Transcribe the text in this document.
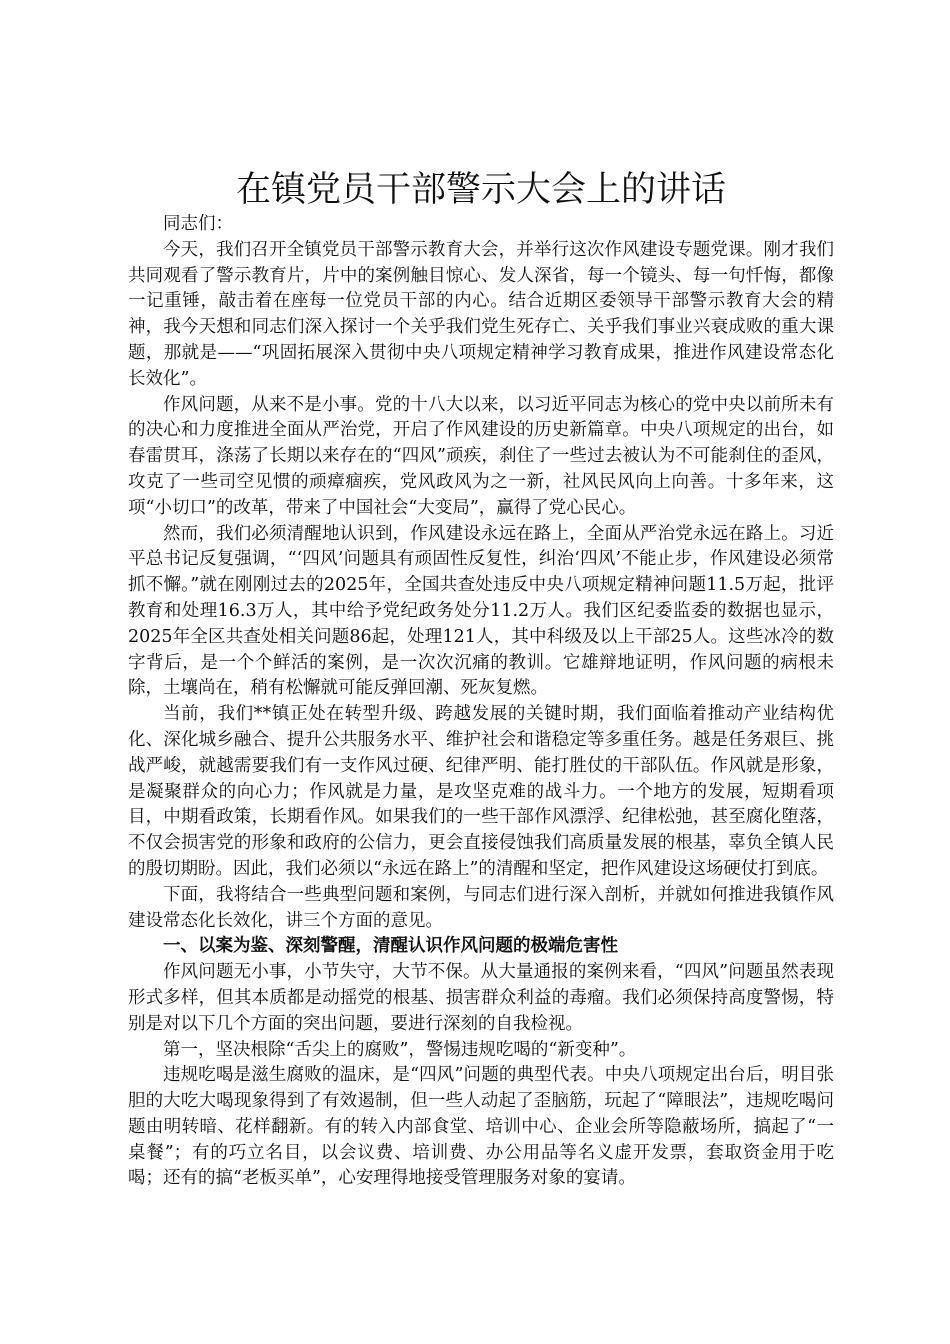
在镇党员干部警示大会上的讲话

同志们：

今天，我们召开全镇党员干部警示教育大会，并举行这次作风建设专题党课。刚才我们共同观看了警示教育片，片中的案例触目惊心、发人深省，每一个镜头、每一句忏悔，都像一记重锤，敲击着在座每一位党员干部的内心。结合近期区委领导干部警示教育大会的精神，我今天想和同志们深入探讨一个关乎我们党生死存亡、关乎我们事业兴衰成败的重大课题，那就是——“巩固拓展深入贯彻中央八项规定精神学习教育成果，推进作风建设常态化长效化”。

作风问题，从来不是小事。党的十八大以来，以习近平同志为核心的党中央以前所未有的决心和力度推进全面从严治党，开启了作风建设的历史新篇章。中央八项规定的出台，如春雷贯耳，涤荡了长期以来存在的“四风”顽疾，刹住了一些过去被认为不可能刹住的歪风，攻克了一些司空见惯的顽瘴痼疾，党风政风为之一新，社风民风向上向善。十多年来，这项“小切口”的改革，带来了中国社会“大变局”，赢得了党心民心。

然而，我们必须清醒地认识到，作风建设永远在路上，全面从严治党永远在路上。习近平总书记反复强调，“‘四风’问题具有顽固性反复性，纠治‘四风’不能止步，作风建设必须常抓不懈。”就在刚刚过去的2025年，全国共查处违反中央八项规定精神问题11.5万起，批评教育和处理16.3万人，其中给予党纪政务处分11.2万人。我们区纪委监委的数据也显示，2025年全区共查处相关问题86起，处理121人，其中科级及以上干部25人。这些冰冷的数字背后，是一个个鲜活的案例，是一次次沉痛的教训。它雄辩地证明，作风问题的病根未除，土壤尚在，稍有松懈就可能反弹回潮、死灰复燃。

当前，我们**镇正处在转型升级、跨越发展的关键时期，我们面临着推动产业结构优化、深化城乡融合、提升公共服务水平、维护社会和谐稳定等多重任务。越是任务艰巨、挑战严峻，就越需要我们有一支作风过硬、纪律严明、能打胜仗的干部队伍。作风就是形象，是凝聚群众的向心力；作风就是力量，是攻坚克难的战斗力。一个地方的发展，短期看项目，中期看政策，长期看作风。如果我们的一些干部作风漂浮、纪律松弛，甚至腐化堕落，不仅会损害党的形象和政府的公信力，更会直接侵蚀我们高质量发展的根基，辜负全镇人民的殷切期盼。因此，我们必须以“永远在路上”的清醒和坚定，把作风建设这场硬仗打到底。

下面，我将结合一些典型问题和案例，与同志们进行深入剖析，并就如何推进我镇作风建设常态化长效化，讲三个方面的意见。

一、以案为鉴、深刻警醒，清醒认识作风问题的极端危害性

作风问题无小事，小节失守，大节不保。从大量通报的案例来看，“四风”问题虽然表现形式多样，但其本质都是动摇党的根基、损害群众利益的毒瘤。我们必须保持高度警惕，特别是对以下几个方面的突出问题，要进行深刻的自我检视。

第一，坚决根除“舌尖上的腐败”，警惕违规吃喝的“新变种”。

违规吃喝是滋生腐败的温床，是“四风”问题的典型代表。中央八项规定出台后，明目张胆的大吃大喝现象得到了有效遏制，但一些人动起了歪脑筋，玩起了“障眼法”，违规吃喝问题由明转暗、花样翻新。有的转入内部食堂、培训中心、企业会所等隐蔽场所，搞起了“一桌餐”；有的巧立名目，以会议费、培训费、办公用品等名义虚开发票，套取资金用于吃喝；还有的搞“老板买单”，心安理得地接受管理服务对象的宴请。
